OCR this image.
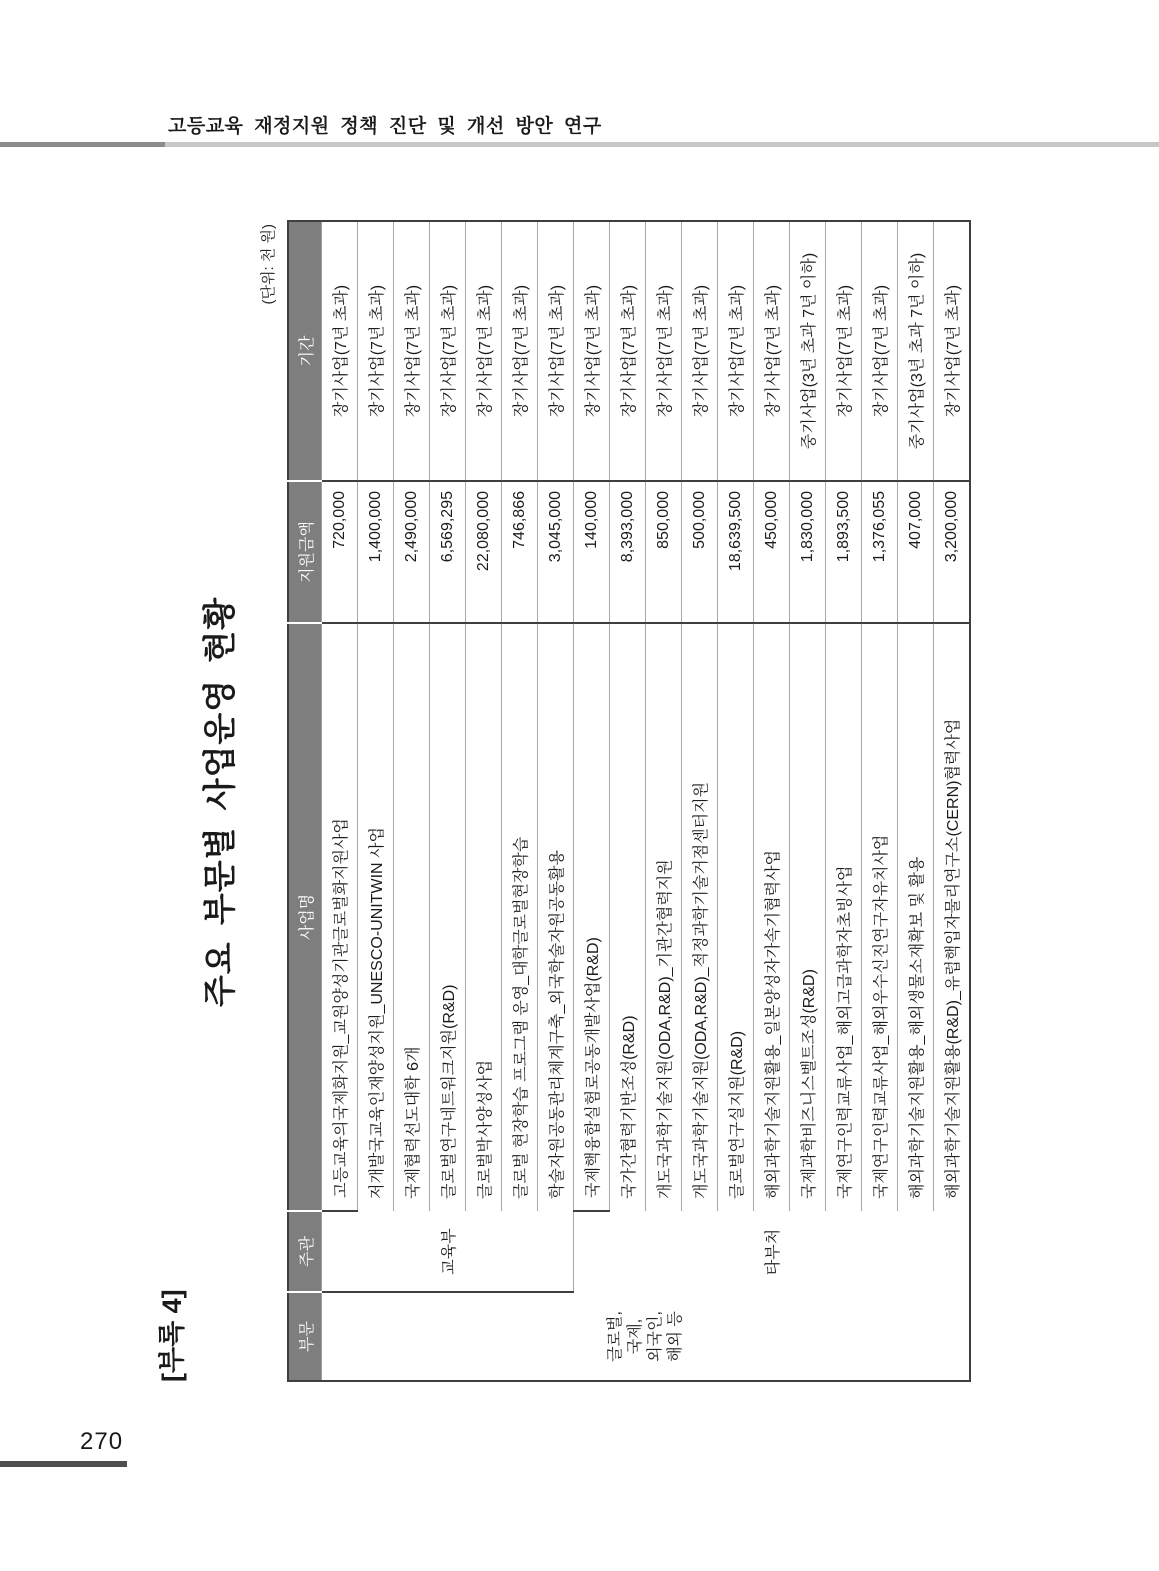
고등교육 재정지원 정책 진단 및 개선 방안 연구
[부록 4]
주요 부문별 사업운영 현황
(단위: 천 원)
부문	주관	사업명	지원금액	기간

글로벌, 국제, 외국인, 해외 등	교육부	고등교육의국제화지원_교원양성기관글로벌화지원사업	720,000	장기사업(7년 초과)
		저개발국교육인재양성지원_UNESCO-UNITWIN 사업	1,400,000	장기사업(7년 초과)
		국제협력선도대학 6개	2,490,000	장기사업(7년 초과)
		글로벌연구네트워크지원(R&D)	6,569,295	장기사업(7년 초과)
		글로벌박사양성사업	22,080,000	장기사업(7년 초과)
		글로벌 현장학습 프로그램 운영_대학글로벌현장학습	746,866	장기사업(7년 초과)
		학술자원공동관리체계구축_외국학술자원공동활용	3,045,000	장기사업(7년 초과)
	타부처	국제핵융합실험로공동개발사업(R&D)	140,000	장기사업(7년 초과)
		국가간협력기반조성(R&D)	8,393,000	장기사업(7년 초과)
		개도국과학기술지원(ODA,R&D)_기관간협력지원	850,000	장기사업(7년 초과)
		개도국과학기술지원(ODA,R&D)_적정과학기술거점센터지원	500,000	장기사업(7년 초과)
		글로벌연구실지원(R&D)	18,639,500	장기사업(7년 초과)
		해외과학기술지원활용_일본양성자가속기협력사업	450,000	장기사업(7년 초과)
		국제과학비즈니스벨트조성(R&D)	1,830,000	중기사업(3년 초과 7년 이하)
		국제연구인력교류사업_해외고급과학자초빙사업	1,893,500	장기사업(7년 초과)
		국제연구인력교류사업_해외우수신진연구자유치사업	1,376,055	장기사업(7년 초과)
		해외과학기술지원활용_해외생물소재확보 및 활용	407,000	중기사업(3년 초과 7년 이하)
		해외과학기술지원활용(R&D)_유럽핵입자물리연구소(CERN)협력사업	3,200,000	장기사업(7년 초과)
270
